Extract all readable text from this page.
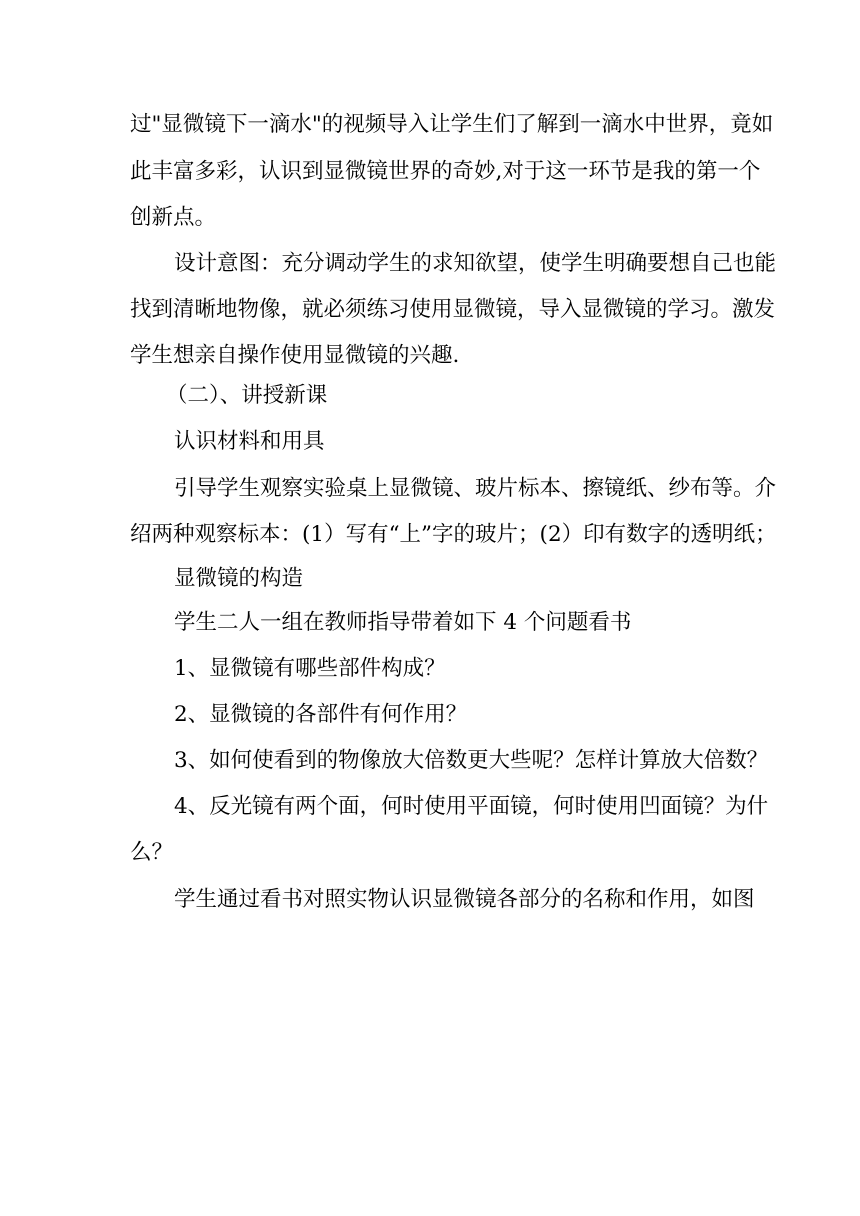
过"显微镜下一滴水"的视频导入让学生们了解到一滴水中世界，竟如
此丰富多彩，认识到显微镜世界的奇妙,对于这一环节是我的第一个
创新点。
设计意图：充分调动学生的求知欲望，使学生明确要想自己也能
找到清晰地物像，就必须练习使用显微镜，导入显微镜的学习。激发
学生想亲自操作使用显微镜的兴趣.
（二）、讲授新课
认识材料和用具
引导学生观察实验桌上显微镜、玻片标本、擦镜纸、纱布等。介
绍两种观察标本：(1）写有“上”字的玻片；(2）印有数字的透明纸；
显微镜的构造
学生二人一组在教师指导带着如下 4 个问题看书
1、显微镜有哪些部件构成？
2、显微镜的各部件有何作用？
3、如何使看到的物像放大倍数更大些呢？怎样计算放大倍数？
4、反光镜有两个面，何时使用平面镜，何时使用凹面镜？为什
么？
学生通过看书对照实物认识显微镜各部分的名称和作用，如图
